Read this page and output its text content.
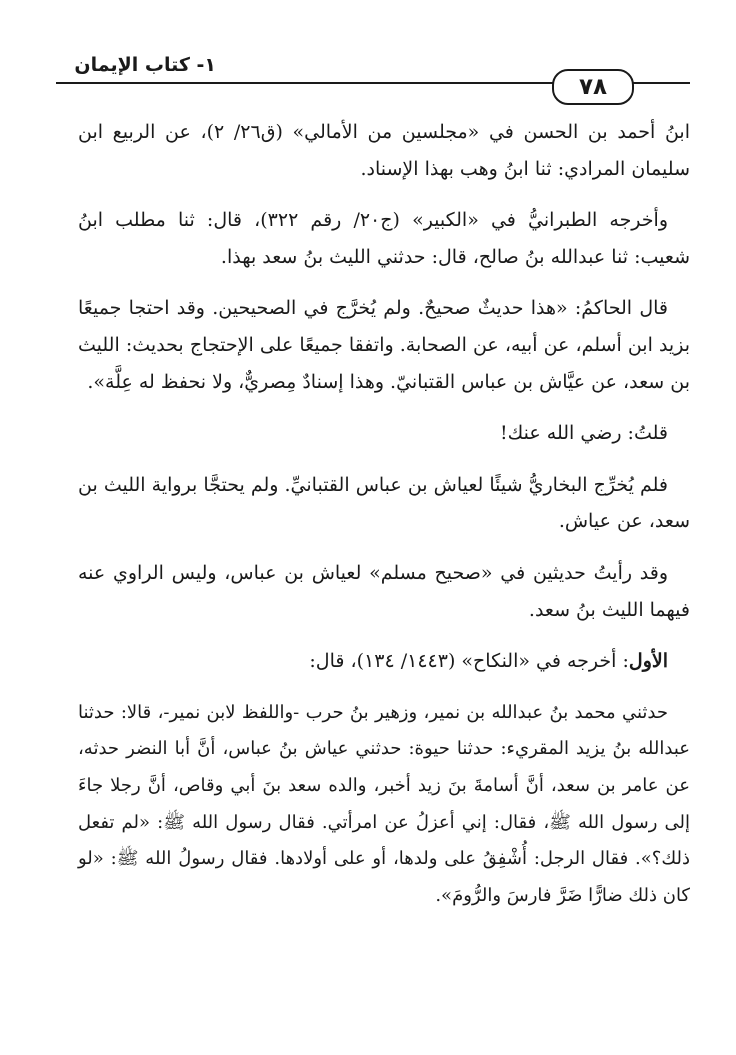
١- كتاب الإيمان
٧٨

ابنُ أحمد بن الحسن في «مجلسين من الأمالي» (ق٢٦/ ٢)، عن الربيع ابن سليمان المرادي: ثنا ابنُ وهب بهذا الإسناد.

وأخرجه الطبرانيُّ في «الكبير» (ج٢٠/ رقم ٣٢٢)، قال: ثنا مطلب ابنُ شعيب: ثنا عبدالله بنُ صالح، قال: حدثني الليث بنُ سعد بهذا.

قال الحاكمُ: «هذا حديثٌ صحيحٌ. ولم يُخرَّج في الصحيحين. وقد احتجا جميعًا بزيد ابن أسلم، عن أبيه، عن الصحابة. واتفقا جميعًا على الإحتجاج بحديث: الليث بن سعد، عن عيَّاش بن عباس القتبانيّ. وهذا إسنادٌ مِصريٌّ، ولا نحفظ له عِلَّة».

قلتُ: رضي الله عنك!

فلم يُخرِّج البخاريُّ شيئًا لعياش بن عباس القتبانيِّ. ولم يحتجَّا برواية الليث بن سعد، عن عياش.

وقد رأيتُ حديثين في «صحيح مسلم» لعياش بن عباس، وليس الراوي عنه فيهما الليث بنُ سعد.

الأول: أخرجه في «النكاح» (١٤٤٣/ ١٣٤)، قال:

حدثني محمد بنُ عبدالله بن نمير، وزهير بنُ حرب -واللفظ لابن نمير-، قالا: حدثنا عبدالله بنُ يزيد المقريء: حدثنا حيوة: حدثني عياش بنُ عباس، أنَّ أبا النضر حدثه، عن عامر بن سعد، أنَّ أسامةَ بنَ زيد أخبر، والده سعد بنَ أبي وقاص، أنَّ رجلا جاءَ إلى رسول الله ﷺ، فقال: إني أعزلُ عن امرأتي. فقال رسول الله ﷺ: «لم تفعل ذلك؟». فقال الرجل: أُشْفِقُ على ولدها، أو على أولادها. فقال رسولُ الله ﷺ: «لو كان ذلك ضارًّا ضَرَّ فارسَ والرُّومَ».
